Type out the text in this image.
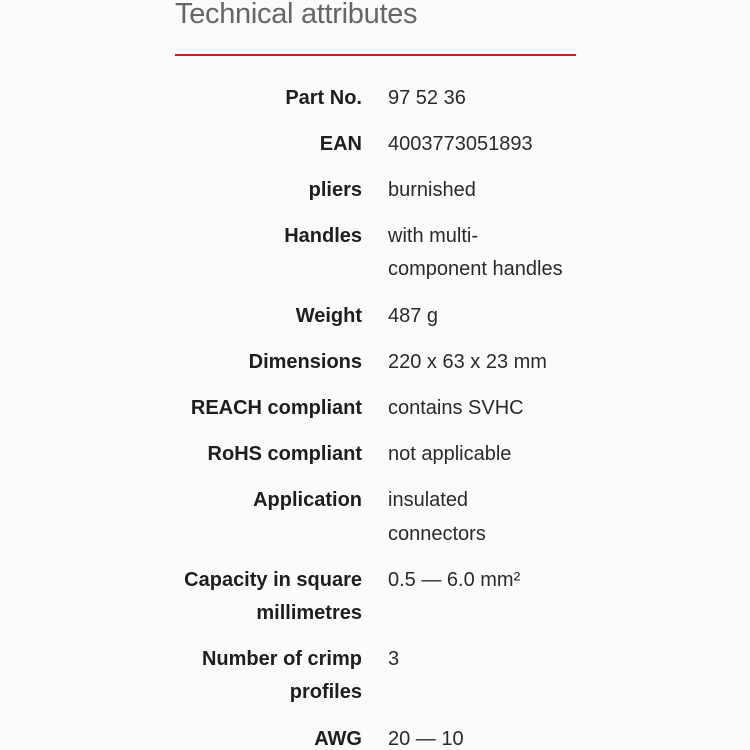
Technical attributes
Part No. 97 52 36
EAN 4003773051893
pliers burnished
Handles with multi-
component handles
Weight 487 g
Dimensions 220 x 63 x 23 mm
REACH compliant contains SVHC
RoHS compliant not applicable
Application insulated
connectors
Capacity in square
millimetres
0.5 — 6.0 mm²
Number of crimp
profiles
3
AWG 20 — 10
